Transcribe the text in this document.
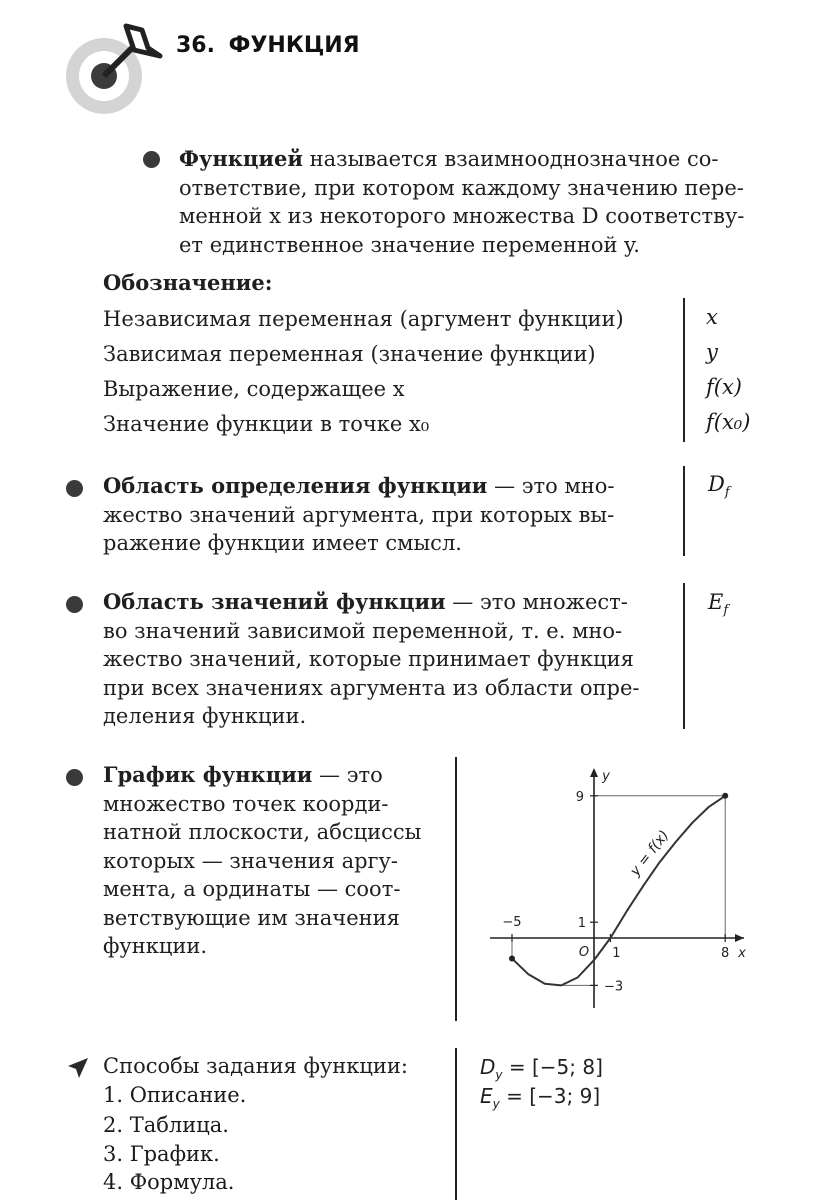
36. ФУНКЦИЯ
Функцией называется взаимнооднозначное со-
ответствие, при котором каждому значению пере-
менной x из некоторого множества D соответству-
ет единственное значение переменной y.
Обозначение:
Независимая переменная (аргумент функции)
Зависимая переменная (значение функции)
Выражение, содержащее x
Значение функции в точке x₀
x
y
f(x)
f(x₀)
Область определения функции — это мно-
жество значений аргумента, при которых вы-
ражение функции имеет смысл.
$D_f$
Область значений функции — это множест-
во значений зависимой переменной, т. е. мно-
жество значений, которые принимает функция
при всех значениях аргумента из области опре-
деления функции.
$E_f$
График функции — это
множество точек коорди-
натной плоскости, абсциссы
которых — значения аргу-
мента, а ординаты — соот-
ветствующие им значения
функции.
−5
1	8
9
1
−3
O	x
y
y = f(x)
Способы задания функции:
1. Описание.
2. Таблица.
3. График.
4. Формула.
$D_y = [-5$; 8]
$E_y = [-3$; 9]
